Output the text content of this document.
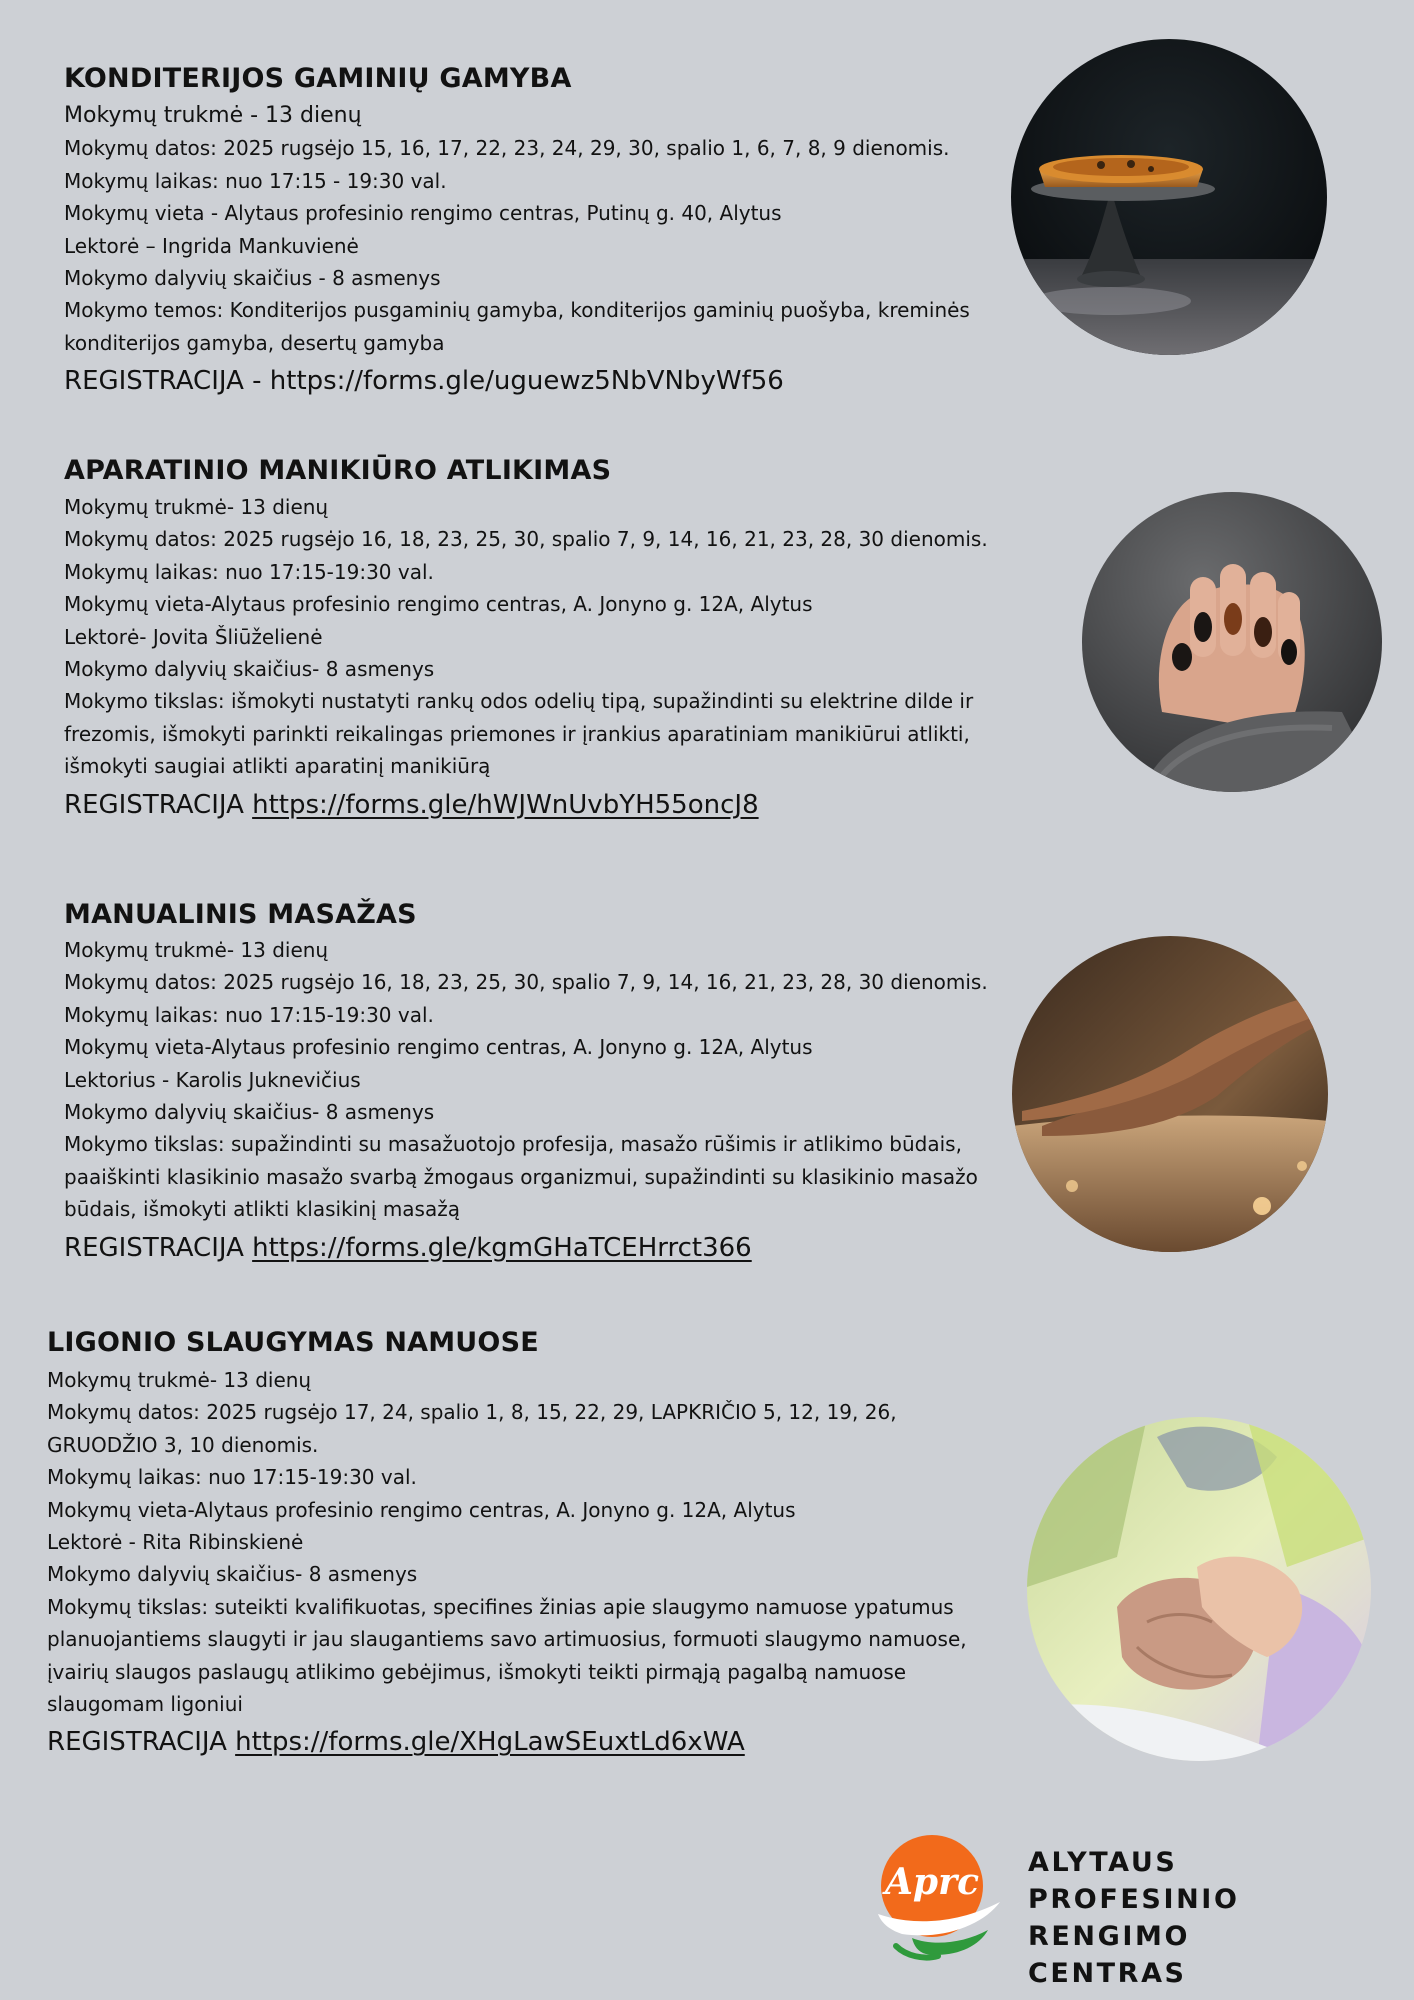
KONDITERIJOS GAMINIŲ GAMYBA
Mokymų trukmė - 13 dienų
Mokymų datos: 2025 rugsėjo 15, 16, 17, 22, 23, 24, 29, 30, spalio 1, 6, 7, 8, 9 dienomis.
Mokymų laikas: nuo 17:15 - 19:30 val.
Mokymų vieta - Alytaus profesinio rengimo centras, Putinų g. 40, Alytus
Lektorė – Ingrida Mankuvienė
Mokymo dalyvių skaičius - 8 asmenys
Mokymo temos: Konditerijos pusgaminių gamyba, konditerijos gaminių puošyba, kreminės konditerijos gamyba, desertų gamyba
REGISTRACIJA - https://forms.gle/uguewz5NbVNbyWf56
APARATINIO MANIKIŪRO ATLIKIMAS
Mokymų trukmė- 13 dienų
Mokymų datos: 2025 rugsėjo 16, 18, 23, 25, 30, spalio 7, 9, 14, 16, 21, 23, 28, 30 dienomis.
Mokymų laikas: nuo 17:15-19:30 val.
Mokymų vieta-Alytaus profesinio rengimo centras, A. Jonyno g. 12A, Alytus
Lektorė- Jovita Šliūželienė
Mokymo dalyvių skaičius- 8 asmenys
Mokymo tikslas: išmokyti nustatyti rankų odos odelių tipą, supažindinti su elektrine dilde ir frezomis, išmokyti parinkti reikalingas priemones ir įrankius aparatiniam manikiūrui atlikti, išmokyti saugiai atlikti aparatinį manikiūrą
REGISTRACIJA https://forms.gle/hWJWnUvbYH55oncJ8
MANUALINIS MASAŽAS
Mokymų trukmė- 13 dienų
Mokymų datos: 2025 rugsėjo 16, 18, 23, 25, 30, spalio 7, 9, 14, 16, 21, 23, 28, 30 dienomis.
Mokymų laikas: nuo 17:15-19:30 val.
Mokymų vieta-Alytaus profesinio rengimo centras, A. Jonyno g. 12A, Alytus
Lektorius - Karolis Juknevičius
Mokymo dalyvių skaičius- 8 asmenys
Mokymo tikslas: supažindinti su masažuotojo profesija, masažo rūšimis ir atlikimo būdais, paaiškinti klasikinio masažo svarbą žmogaus organizmui, supažindinti su klasikinio masažo būdais, išmokyti atlikti klasikinį masažą
REGISTRACIJA https://forms.gle/kgmGHaTCEHrrct366
LIGONIO SLAUGYMAS NAMUOSE
Mokymų trukmė- 13 dienų
Mokymų datos: 2025 rugsėjo 17, 24, spalio 1, 8, 15, 22, 29, LAPKRIČIO 5, 12, 19, 26, GRUODŽIO 3, 10 dienomis.
Mokymų laikas: nuo 17:15-19:30 val.
Mokymų vieta-Alytaus profesinio rengimo centras, A. Jonyno g. 12A, Alytus
Lektorė - Rita Ribinskienė
Mokymo dalyvių skaičius- 8 asmenys
Mokymų tikslas: suteikti kvalifikuotas, specifines žinias apie slaugymo namuose ypatumus planuojantiems slaugyti ir jau slaugantiems savo artimuosius, formuoti slaugymo namuose, įvairių slaugos paslaugų atlikimo gebėjimus, išmokyti teikti pirmąją pagalbą namuose slaugomam ligoniui
REGISTRACIJA https://forms.gle/XHgLawSEuxtLd6xWA
Aprc ALYTAUS
PROFESINIO RENGIMO
CENTRAS
